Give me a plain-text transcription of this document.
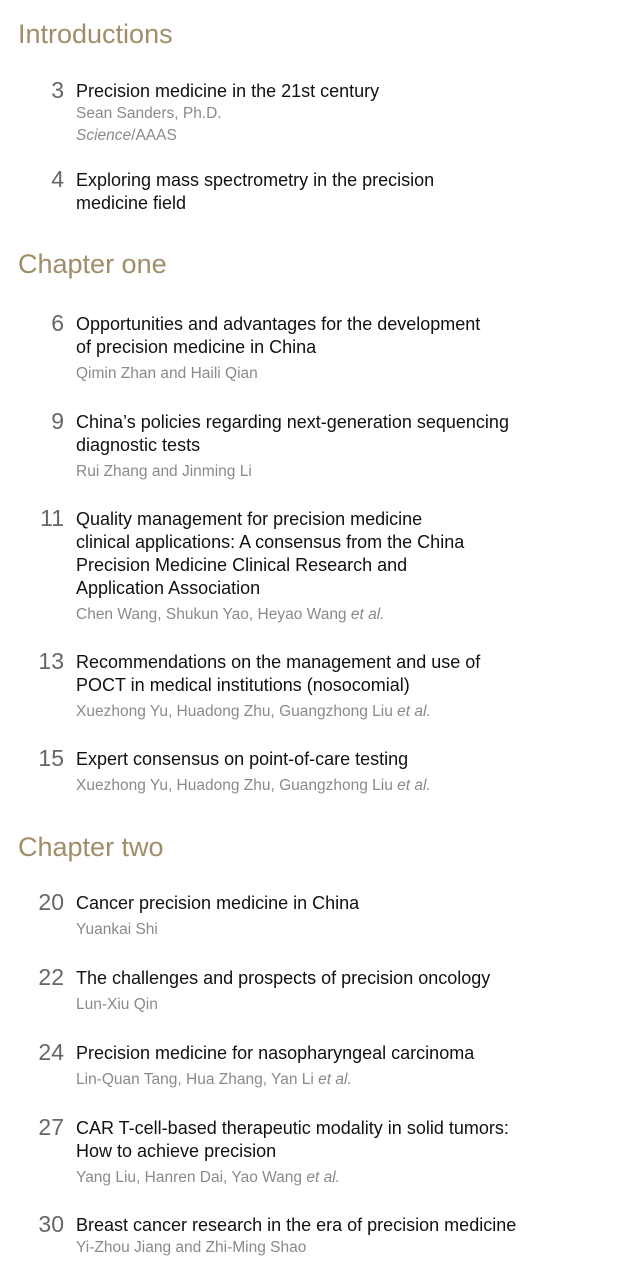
Introductions
3 Precision medicine in the 21st century

Sean Sanders, Ph.D.

Science/AAAS

4 Exploring mass spectrometry in the precision
medicine field

Chapter one
6 Opportunities and advantages for the development
of precision medicine in China

Qimin Zhan and Haili Qian

9 China’s policies regarding next-generation sequencing
diagnostic tests

Rui Zhang and Jinming Li

11 Quality management for precision medicine
clinical applications: A consensus from the China
Precision Medicine Clinical Research and
Application Association

Chen Wang, Shukun Yao, Heyao Wang et al.

13 Recommendations on the management and use of
POCT in medical institutions (nosocomial)

Xuezhong Yu, Huadong Zhu, Guangzhong Liu et al.

15 Expert consensus on point-of-care testing

Xuezhong Yu, Huadong Zhu, Guangzhong Liu et al.

Chapter two
20 Cancer precision medicine in China

Yuankai Shi

22 The challenges and prospects of precision oncology

Lun-Xiu Qin

24 Precision medicine for nasopharyngeal carcinoma

Lin-Quan Tang, Hua Zhang, Yan Li et al.

27 CAR T-cell-based therapeutic modality in solid tumors:
How to achieve precision

Yang Liu, Hanren Dai, Yao Wang et al.

30 Breast cancer research in the era of precision medicine

Yi-Zhou Jiang and Zhi-Ming Shao
